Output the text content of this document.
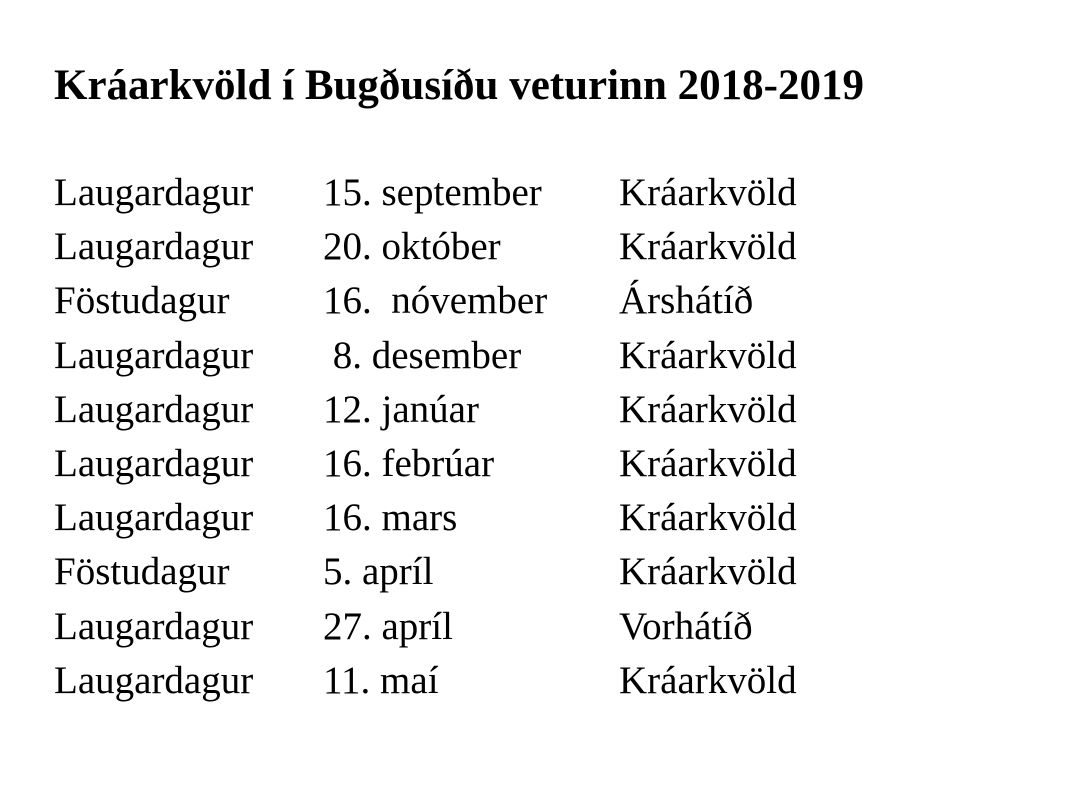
Kráarkvöld í Bugðusíðu veturinn 2018-2019
Laugardagur	15. september	Kráarkvöld
Laugardagur	20. október	Kráarkvöld
Föstudagur	16.  nóvember	Árshátíð
Laugardagur	8. desember	Kráarkvöld
Laugardagur	12. janúar	Kráarkvöld
Laugardagur	16. febrúar	Kráarkvöld
Laugardagur	16. mars	Kráarkvöld
Föstudagur	5. apríl	Kráarkvöld
Laugardagur	27. apríl	Vorhátíð
Laugardagur	11. maí	Kráarkvöld
